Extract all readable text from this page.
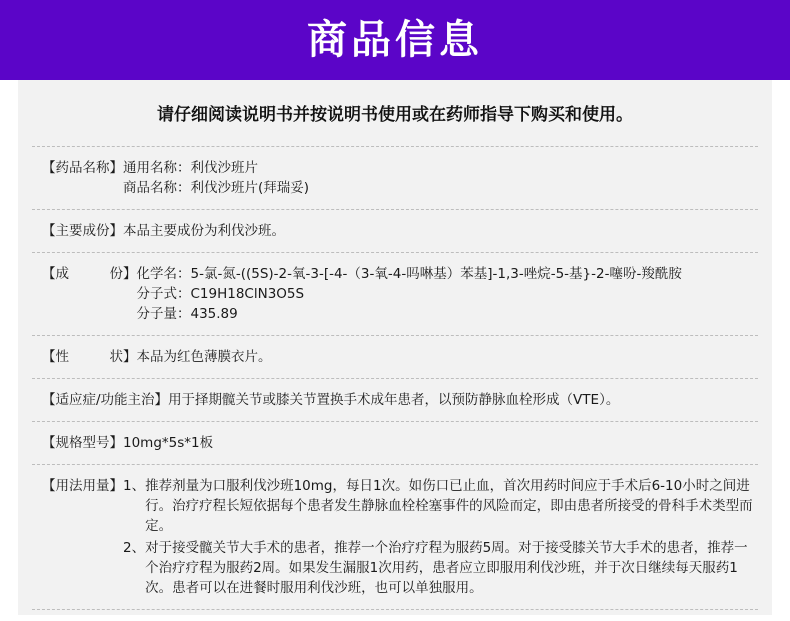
商品信息
请仔细阅读说明书并按说明书使用或在药师指导下购买和使用。
【药品名称】 通用名称：利伐沙班片
商品名称：利伐沙班片(拜瑞妥)
【主要成份】 本品主要成份为利伐沙班。
【成　　　份】 化学名：5-氯-氮-((5S)-2-氧-3-[-4-（3-氧-4-吗啉基）苯基]-1,3-唑烷-5-基}-2-噻吩-羧酰胺
分子式：C19H18ClN3O5S
分子量：435.89
【性　　　状】 本品为红色薄膜衣片。
【适应症/功能主治】 用于择期髋关节或膝关节置换手术成年患者，以预防静脉血栓形成（VTE）。
【规格型号】 10mg*5s*1板
【用法用量】 1、 推荐剂量为口服利伐沙班10mg，每日1次。如伤口已止血，首次用药时间应于手术后6-10小时之间进行。治疗疗程长短依据每个患者发生静脉血栓栓塞事件的风险而定，即由患者所接受的骨科手术类型而定。
2、 对于接受髋关节大手术的患者，推荐一个治疗疗程为服药5周。对于接受膝关节大手术的患者，推荐一个治疗疗程为服药2周。如果发生漏服1次用药，患者应立即服用利伐沙班，并于次日继续每天服药1次。患者可以在进餐时服用利伐沙班，也可以单独服用。
